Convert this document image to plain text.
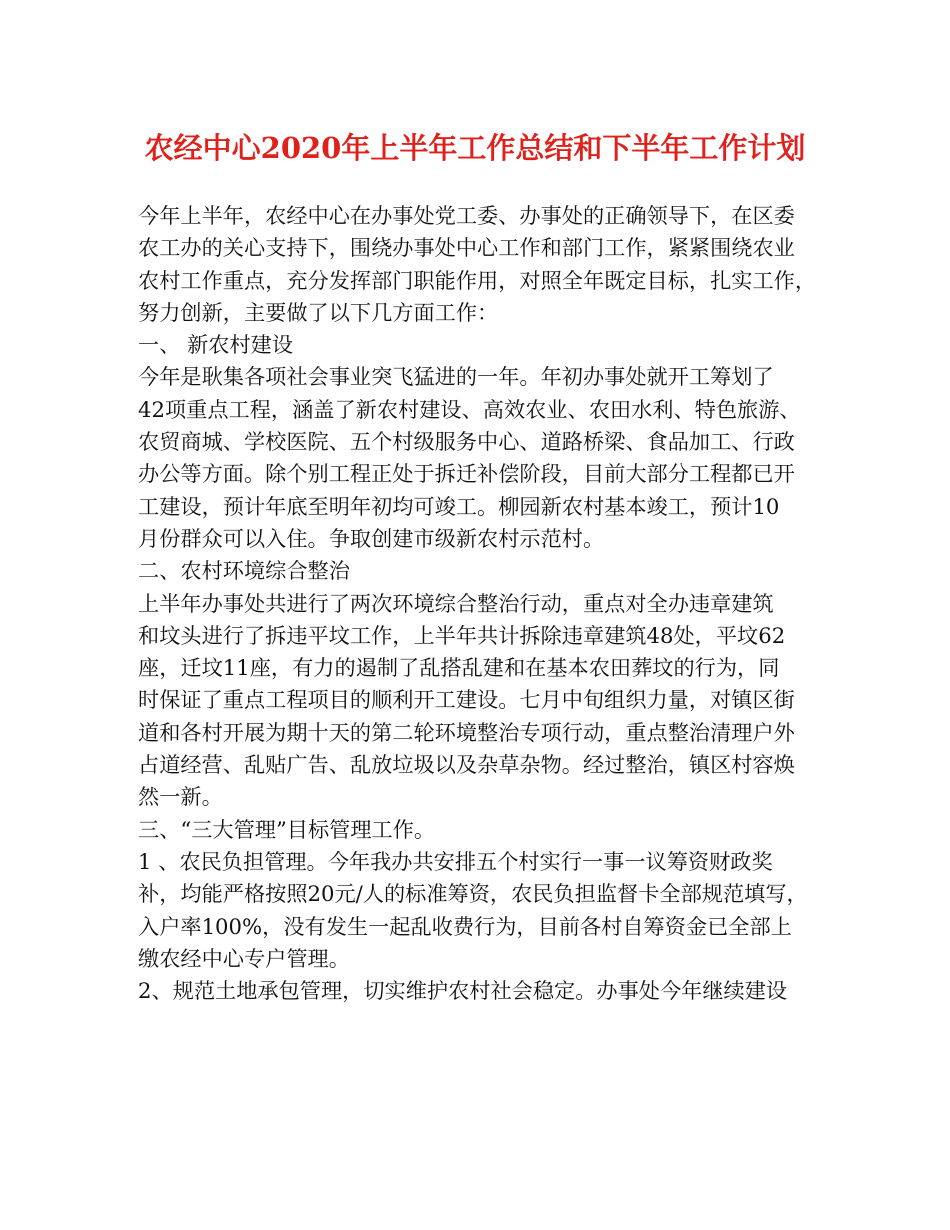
农经中心2020年上半年工作总结和下半年工作计划

今年上半年，农经中心在办事处党工委、办事处的正确领导下，在区委

农工办的关心支持下，围绕办事处中心工作和部门工作，紧紧围绕农业

农村工作重点，充分发挥部门职能作用，对照全年既定目标，扎实工作，

努力创新，主要做了以下几方面工作：

一、 新农村建设

今年是耿集各项社会事业突飞猛进的一年。年初办事处就开工筹划了

42项重点工程，涵盖了新农村建设、高效农业、农田水利、特色旅游、

农贸商城、学校医院、五个村级服务中心、道路桥梁、食品加工、行政

办公等方面。除个别工程正处于拆迁补偿阶段，目前大部分工程都已开

工建设，预计年底至明年初均可竣工。柳园新农村基本竣工，预计10

月份群众可以入住。争取创建市级新农村示范村。

二、农村环境综合整治

上半年办事处共进行了两次环境综合整治行动，重点对全办违章建筑

和坟头进行了拆违平坟工作，上半年共计拆除违章建筑48处，平坟62

座，迁坟11座，有力的遏制了乱搭乱建和在基本农田葬坟的行为，同

时保证了重点工程项目的顺利开工建设。七月中旬组织力量，对镇区街

道和各村开展为期十天的第二轮环境整治专项行动，重点整治清理户外

占道经营、乱贴广告、乱放垃圾以及杂草杂物。经过整治，镇区村容焕

然一新。

三、“三大管理”目标管理工作。

1 、农民负担管理。今年我办共安排五个村实行一事一议筹资财政奖

补，均能严格按照20元/人的标准筹资，农民负担监督卡全部规范填写，

入户率100%，没有发生一起乱收费行为，目前各村自筹资金已全部上

缴农经中心专户管理。

2、规范土地承包管理，切实维护农村社会稳定。办事处今年继续建设
